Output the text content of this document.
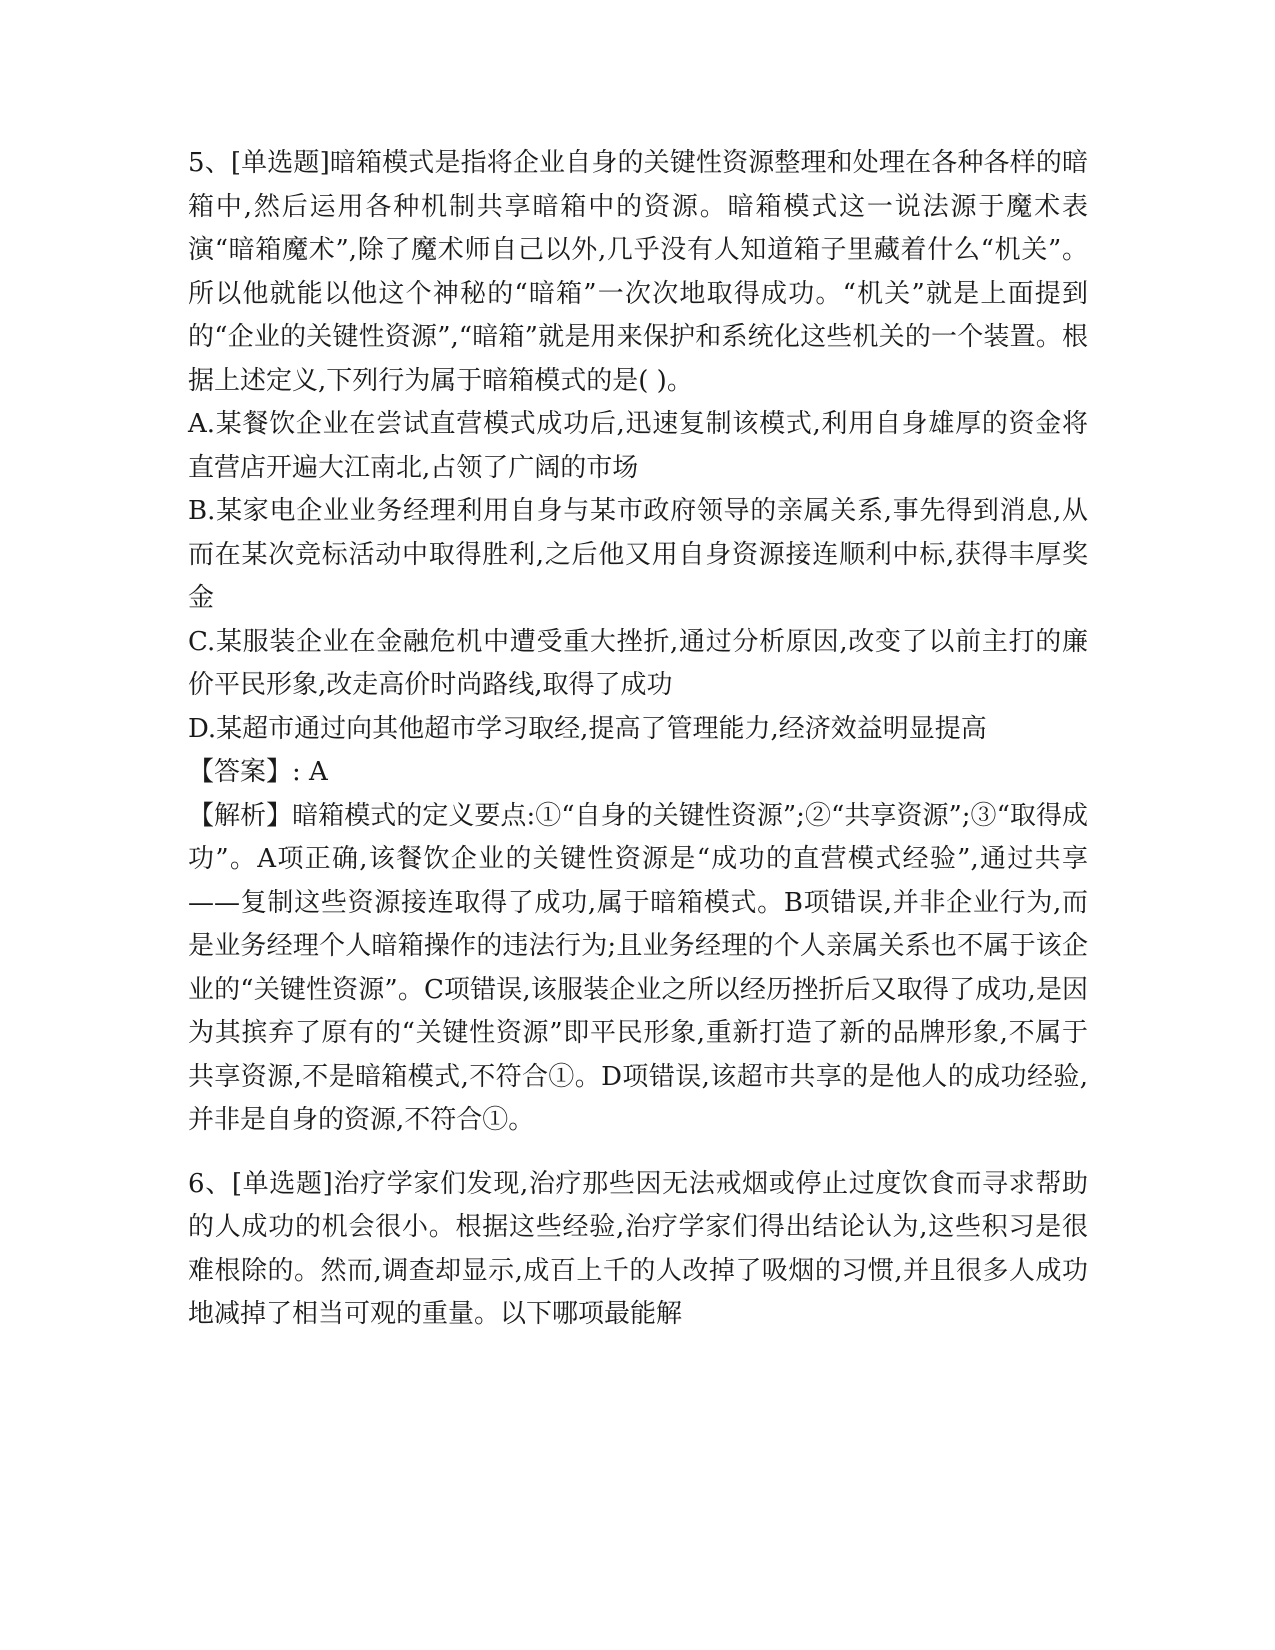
5、[单选题]暗箱模式是指将企业自身的关键性资源整理和处理在各种各样的暗箱中,然后运用各种机制共享暗箱中的资源。暗箱模式这一说法源于魔术表演“暗箱魔术”,除了魔术师自己以外,几乎没有人知道箱子里藏着什么“机关”。所以他就能以他这个神秘的“暗箱”一次次地取得成功。“机关”就是上面提到的“企业的关键性资源”,“暗箱”就是用来保护和系统化这些机关的一个装置。根据上述定义,下列行为属于暗箱模式的是( )。

A.某餐饮企业在尝试直营模式成功后,迅速复制该模式,利用自身雄厚的资金将直营店开遍大江南北,占领了广阔的市场

B.某家电企业业务经理利用自身与某市政府领导的亲属关系,事先得到消息,从而在某次竞标活动中取得胜利,之后他又用自身资源接连顺利中标,获得丰厚奖金

C.某服装企业在金融危机中遭受重大挫折,通过分析原因,改变了以前主打的廉价平民形象,改走高价时尚路线,取得了成功

D.某超市通过向其他超市学习取经,提高了管理能力,经济效益明显提高

【答案】: A

【解析】暗箱模式的定义要点:①“自身的关键性资源”;②“共享资源”;③“取得成功”。A项正确,该餐饮企业的关键性资源是“成功的直营模式经验”,通过共享——复制这些资源接连取得了成功,属于暗箱模式。B项错误,并非企业行为,而是业务经理个人暗箱操作的违法行为;且业务经理的个人亲属关系也不属于该企业的“关键性资源”。C项错误,该服装企业之所以经历挫折后又取得了成功,是因为其摈弃了原有的“关键性资源”即平民形象,重新打造了新的品牌形象,不属于共享资源,不是暗箱模式,不符合①。D项错误,该超市共享的是他人的成功经验,并非是自身的资源,不符合①。

6、[单选题]治疗学家们发现,治疗那些因无法戒烟或停止过度饮食而寻求帮助的人成功的机会很小。根据这些经验,治疗学家们得出结论认为,这些积习是很难根除的。然而,调查却显示,成百上千的人改掉了吸烟的习惯,并且很多人成功地减掉了相当可观的重量。以下哪项最能解
